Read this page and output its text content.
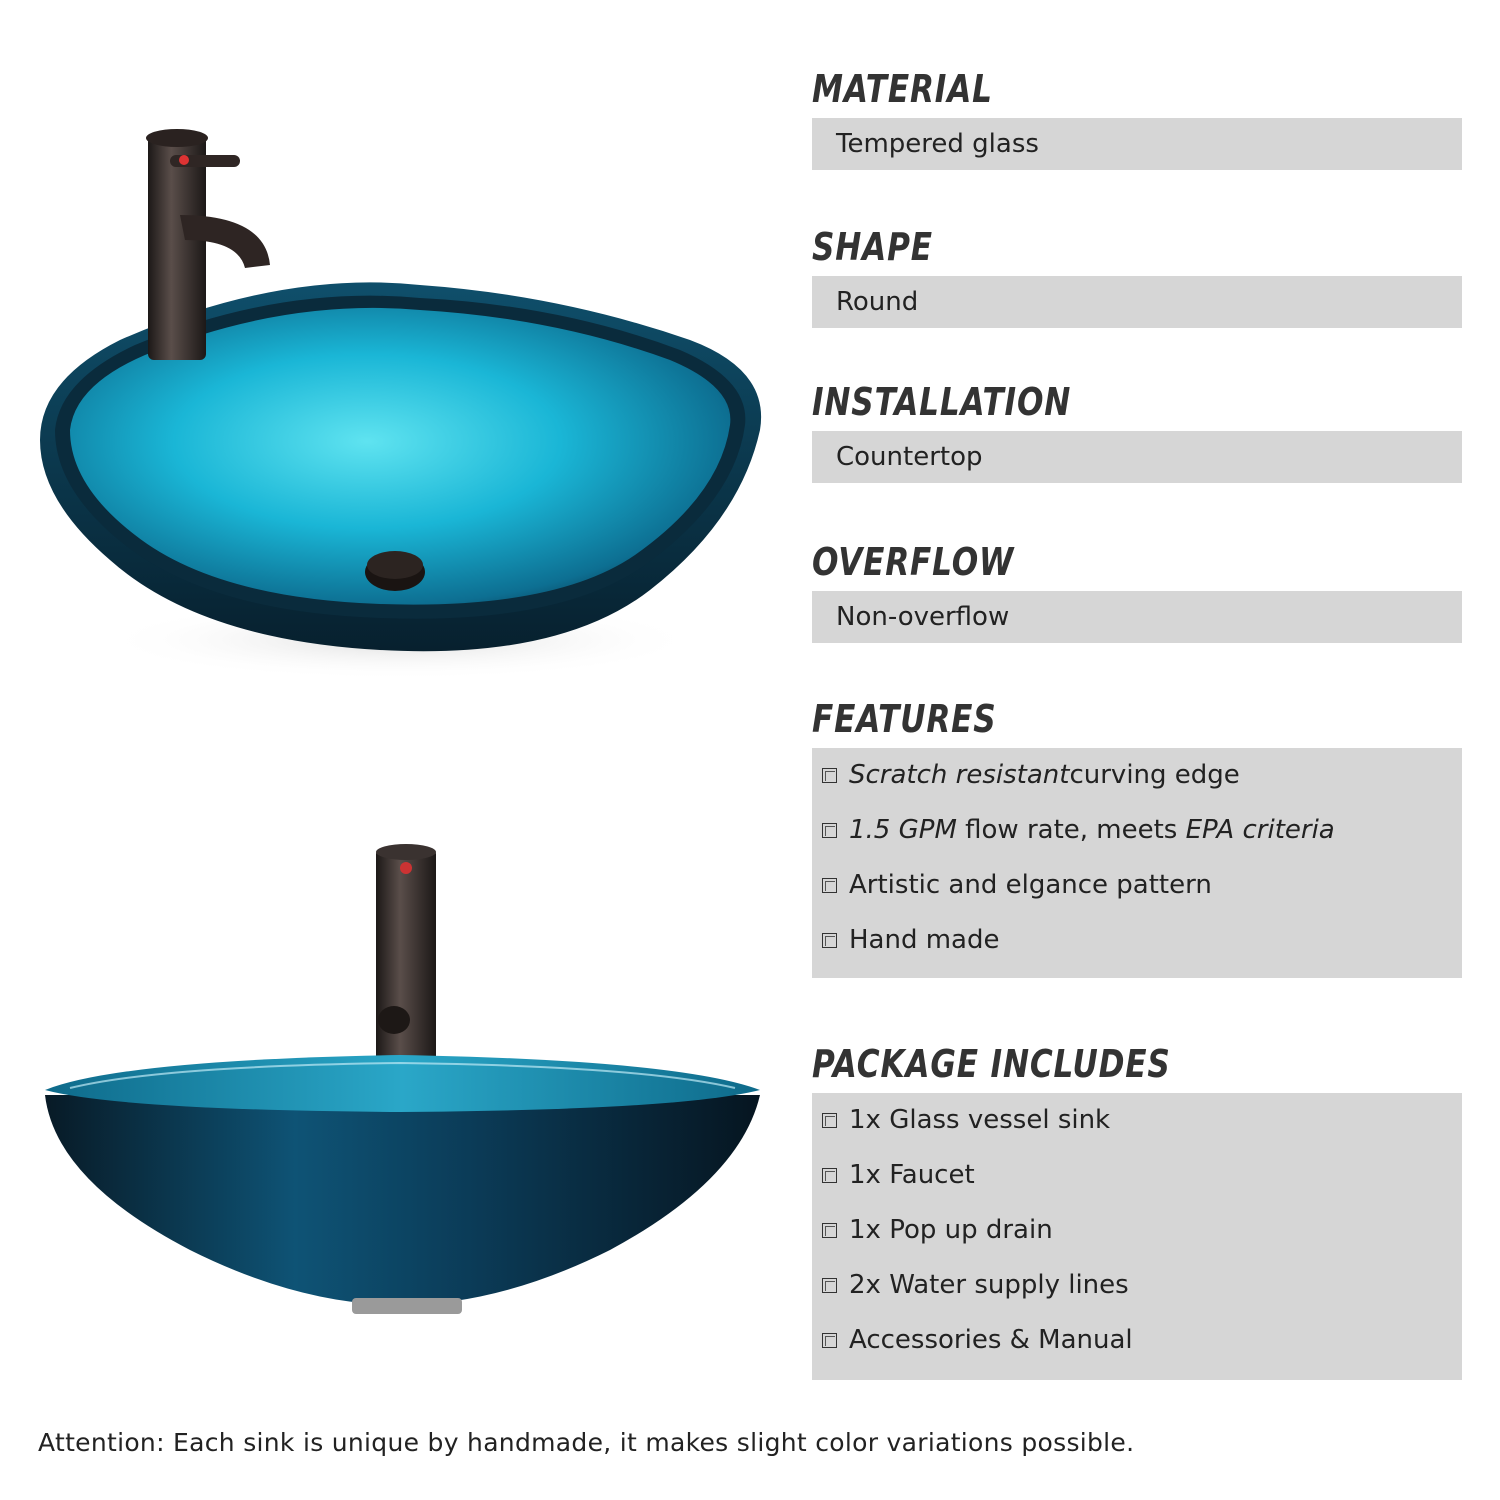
MATERIAL
Tempered glass
SHAPE
Round
INSTALLATION
Countertop
OVERFLOW
Non-overflow
FEATURES
Scratch resistant curving edge
1.5 GPM flow rate, meets EPA criteria
Artistic and elgance pattern
Hand made
PACKAGE INCLUDES
1x Glass vessel sink
1x Faucet
1x Pop up drain
2x Water supply lines
Accessories & Manual
Attention: Each sink is unique by handmade, it makes slight color variations possible.
